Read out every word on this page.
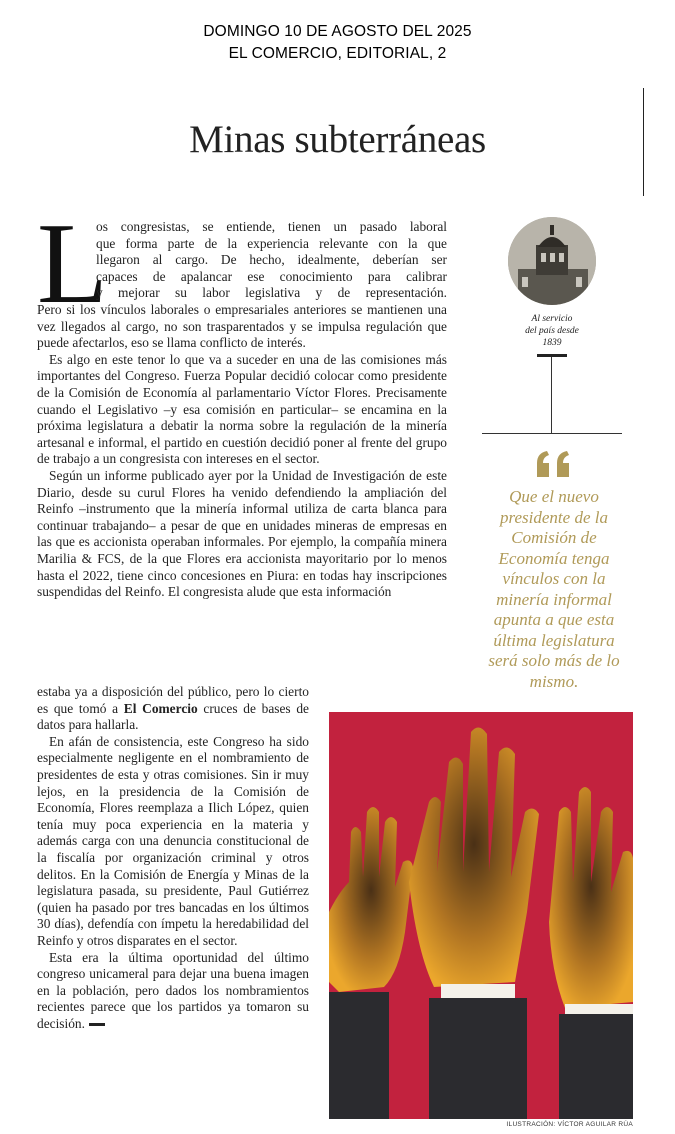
DOMINGO 10 DE AGOSTO DEL 2025
EL COMERCIO, EDITORIAL, 2
Minas subterráneas
L

os congresistas, se entiende, tienen un pasado laboral

que forma parte de la experiencia relevante con la que

llegaron al cargo. De hecho, idealmente, deberían ser

capaces de apalancar ese conocimiento para calibrar

y mejorar su labor legislativa y de representación.

Pero si los vínculos laborales o empresariales anteriores se mantienen una vez llegados al cargo, no son trasparentados y se impulsa regulación que puede afectarlos, eso se llama conflicto de interés.

Es algo en este tenor lo que va a suceder en una de las comisiones más importantes del Congreso. Fuerza Popular decidió colocar como presidente de la Comisión de Economía al parlamentario Víctor Flores. Precisamente cuando el Legislativo –y esa comisión en particular– se encamina en la próxima legislatura a debatir la norma sobre la regulación de la minería artesanal e informal, el partido en cuestión decidió poner al frente del grupo de trabajo a un congresista con intereses en el sector.

Según un informe publicado ayer por la Unidad de Investigación de este Diario, desde su curul Flores ha venido defendiendo la ampliación del Reinfo –instrumento que la minería informal utiliza de carta blanca para continuar trabajando– a pesar de que en unidades mineras de empresas en las que es accionista operaban informales. Por ejemplo, la compañía minera Marilia & FCS, de la que Flores era accionista mayoritario por lo menos hasta el 2022, tiene cinco concesiones en Piura: en todas hay inscripciones suspendidas del Reinfo. El congresista alude que esta información

estaba ya a disposición del público, pero lo cierto es que tomó a El Comercio cruces de bases de datos para hallarla.

En afán de consistencia, este Congreso ha sido especialmente negligente en el nombramiento de presidentes de esta y otras comisiones. Sin ir muy lejos, en la presidencia de la Comisión de Economía, Flores reemplaza a Ilich López, quien tenía muy poca experiencia en la materia y además carga con una denuncia constitucional de la fiscalía por organización criminal y otros delitos. En la Comisión de Energía y Minas de la legislatura pasada, su presidente, Paul Gutiérrez (quien ha pasado por tres bancadas en los últimos 30 días), defendía con ímpetu la heredabilidad del Reinfo y otros disparates en el sector.

Esta era la última oportunidad del último congreso unicameral para dejar una buena imagen en la población, pero dados los nombramientos recientes parece que los partidos ya tomaron su decisión.

Al servicio
del país desde
1839
Que el nuevo presidente de la Comisión de Economía tenga vínculos con la minería informal apunta a que esta última legislatura será solo más de lo mismo.
ILUSTRACIÓN: VÍCTOR AGUILAR RÚA
